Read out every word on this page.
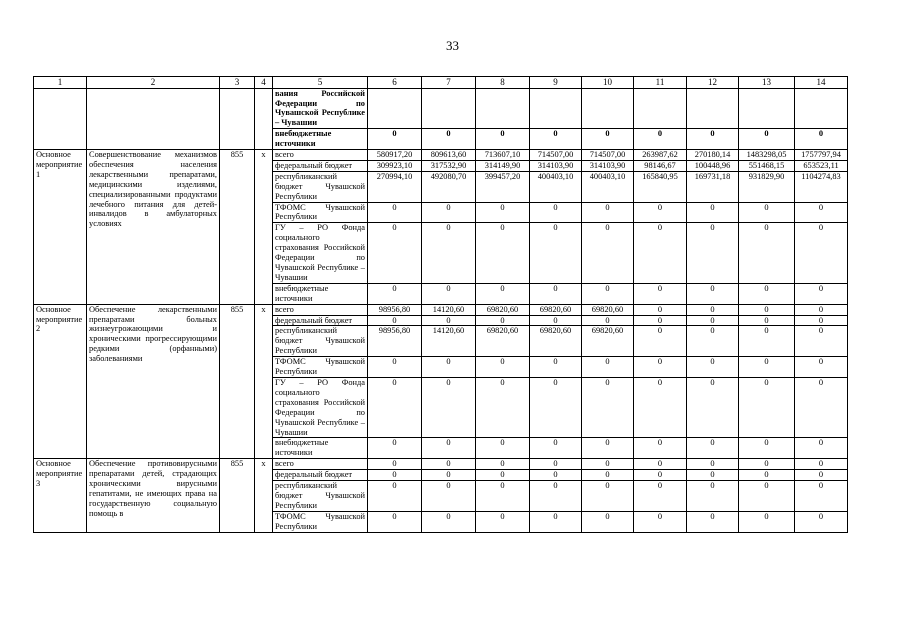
33
1	2	3	4	5	6	7	8	9	10	11	12	13	14
				вания Российской Федерации по Чувашской Республике – Чувашии									
				внебюджетные источники	0	0	0	0	0	0	0	0	0
Основное мероприятие 1	Совершенствование механизмов обеспечения населения лекарственными препаратами, медицинскими изделиями, специализированными продуктами лечебного питания для детей-инвалидов в амбулаторных условиях	855	x	всего	580917,20	809613,60	713607,10	714507,00	714507,00	263987,62	270180,14	1483298,05	1757797,94
				федеральный бюджет	309923,10	317532,90	314149,90	314103,90	314103,90	98146,67	100448,96	551468,15	653523,11
				республиканский бюджет Чувашской Республики	270994,10	492080,70	399457,20	400403,10	400403,10	165840,95	169731,18	931829,90	1104274,83
				ТФОМС Чувашской Республики	0	0	0	0	0	0	0	0	0
				ГУ – РО Фонда социального страхования Российской Федерации по Чувашской Республике – Чувашии	0	0	0	0	0	0	0	0	0
				внебюджетные источники	0	0	0	0	0	0	0	0	0
Основное мероприятие 2	Обеспечение лекарственными препаратами больных жизнеугрожающими и хроническими прогрессирующими редкими (орфанными) заболеваниями	855	x	всего	98956,80	14120,60	69820,60	69820,60	69820,60	0	0	0	0
				федеральный бюджет	0	0	0	0	0	0	0	0	0
				республиканский бюджет Чувашской Республики	98956,80	14120,60	69820,60	69820,60	69820,60	0	0	0	0
				ТФОМС Чувашской Республики	0	0	0	0	0	0	0	0	0
				ГУ – РО Фонда социального страхования Российской Федерации по Чувашской Республике – Чувашии	0	0	0	0	0	0	0	0	0
				внебюджетные источники	0	0	0	0	0	0	0	0	0
Основное мероприятие 3	Обеспечение противовирусными препаратами детей, страдающих хроническими вирусными гепатитами, не имеющих права на государственную социальную помощь в	855	x	всего	0	0	0	0	0	0	0	0	0
				федеральный бюджет	0	0	0	0	0	0	0	0	0
				республиканский бюджет Чувашской Республики	0	0	0	0	0	0	0	0	0
				ТФОМС Чувашской Республики	0	0	0	0	0	0	0	0	0
